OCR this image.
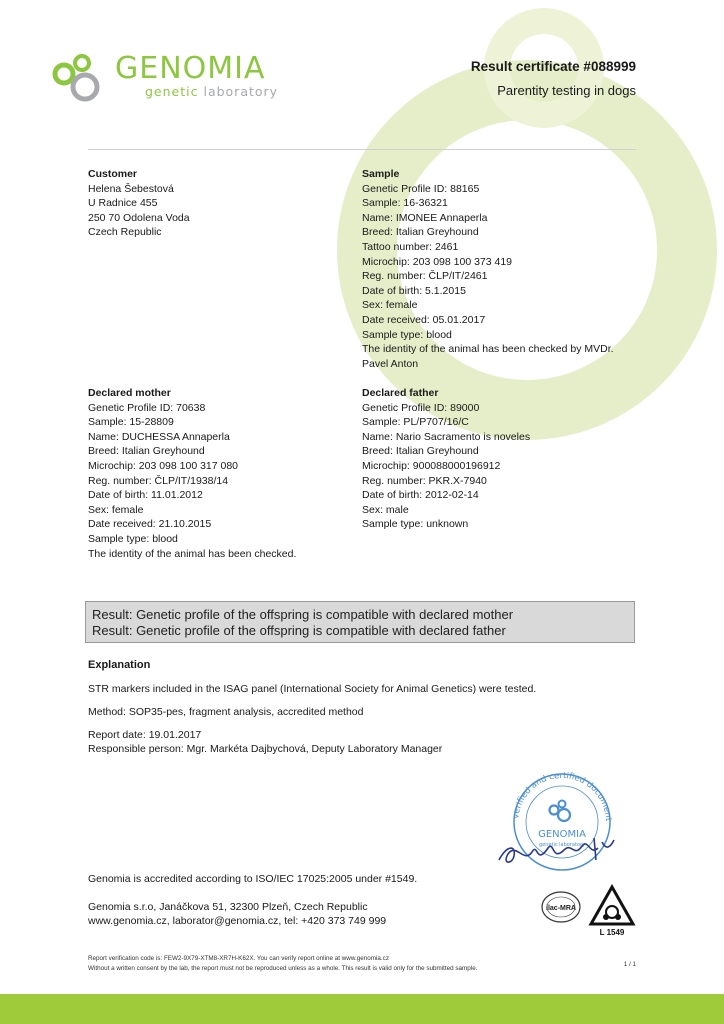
GENOMIA
genetic laboratory
Result certificate #088999
Parentity testing in dogs
Customer
Helena Šebestová
U Radnice 455
250 70 Odolena Voda
Czech Republic
Sample
Genetic Profile ID: 88165
Sample: 16-36321
Name: IMONEE Annaperla
Breed: Italian Greyhound
Tattoo number: 2461
Microchip: 203 098 100 373 419
Reg. number: ČLP/IT/2461
Date of birth: 5.1.2015
Sex: female
Date received: 05.01.2017
Sample type: blood
The identity of the animal has been checked by MVDr.
Pavel Anton
Declared mother
Genetic Profile ID: 70638
Sample: 15-28809
Name: DUCHESSA Annaperla
Breed: Italian Greyhound
Microchip: 203 098 100 317 080
Reg. number: ČLP/IT/1938/14
Date of birth: 11.01.2012
Sex: female
Date received: 21.10.2015
Sample type: blood
The identity of the animal has been checked.
Declared father
Genetic Profile ID: 89000
Sample: PL/P707/16/C
Name: Nario Sacramento is noveles
Breed: Italian Greyhound
Microchip: 900088000196912
Reg. number: PKR.X-7940
Date of birth: 2012-02-14
Sex: male
Sample type: unknown
Result: Genetic profile of the offspring is compatible with declared mother
Result: Genetic profile of the offspring is compatible with declared father
Explanation
STR markers included in the ISAG panel (International Society for Animal Genetics) were tested.
Method: SOP35-pes, fragment analysis, accredited method
Report date: 19.01.2017
Responsible person: Mgr. Markéta Dajbychová, Deputy Laboratory Manager
verified and certified document
GENOMIA
genetic laboratory
Genomia is accredited according to ISO/IEC 17025:2005 under #1549.
Genomia s.r.o, Janáčkova 51, 32300 Plzeň, Czech Republic
www.genomia.cz, laborator@genomia.cz, tel: +420 373 749 999
ilac-MRA
L 1549
Report verification code is: FEW2-9X79-XTM8-XR7H-K62X. You can verify report online at www.genomia.cz
Without a written consent by the lab, the report must not be reproduced unless as a whole. This result is valid only for the submitted sample.
1 / 1
